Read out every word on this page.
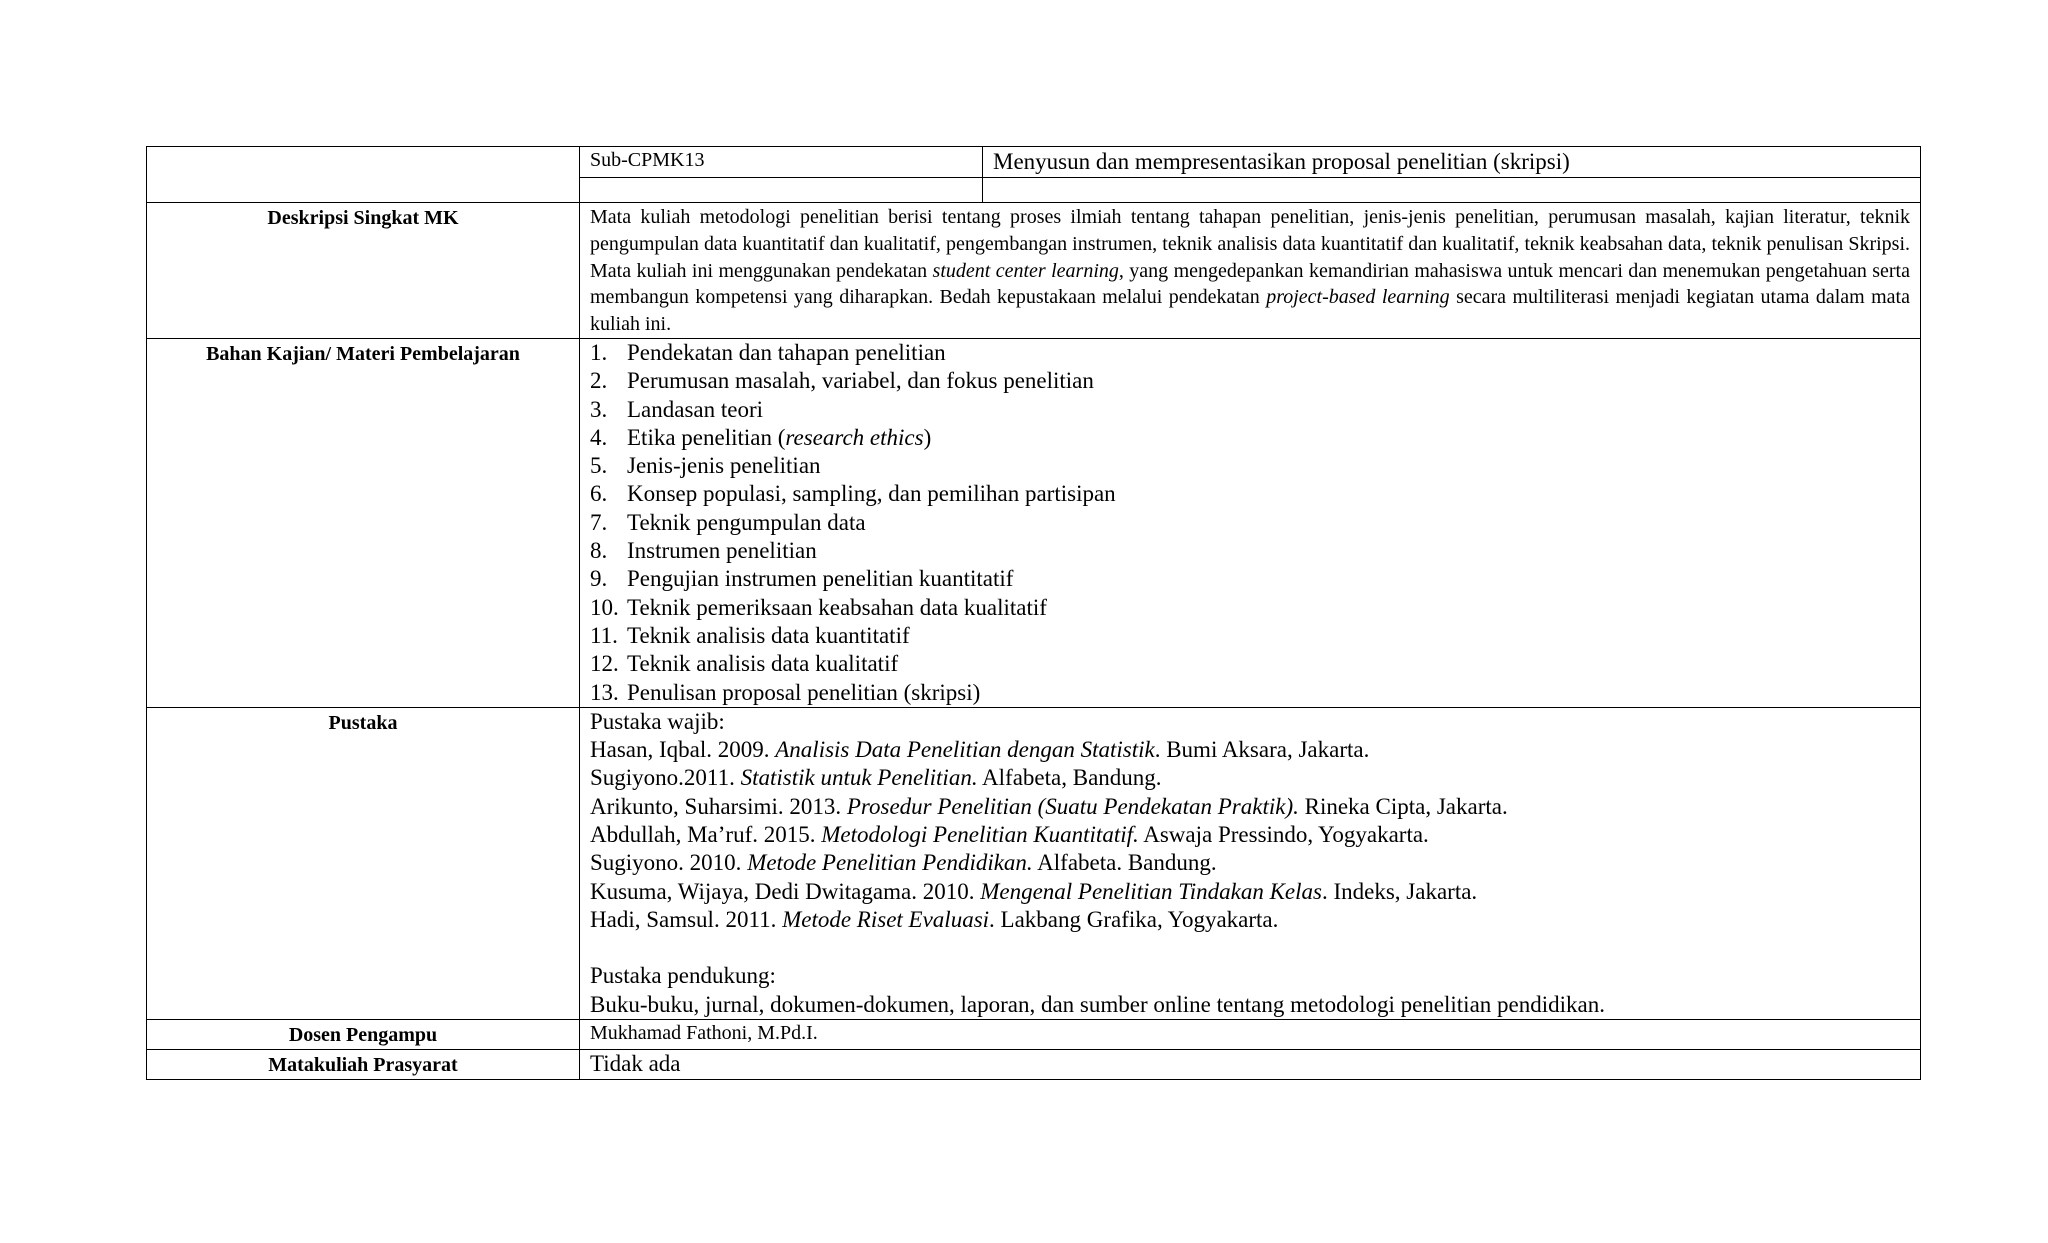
Sub-CPMK13	Menyusun dan mempresentasikan proposal penelitian (skripsi)

Deskripsi Singkat MK	Mata kuliah metodologi penelitian berisi tentang proses ilmiah tentang tahapan penelitian, jenis-jenis penelitian, perumusan masalah, kajian literatur, teknik pengumpulan data kuantitatif dan kualitatif, pengembangan instrumen, teknik analisis data kuantitatif dan kualitatif, teknik keabsahan data, teknik penulisan Skripsi. Mata kuliah ini menggunakan pendekatan student center learning, yang mengedepankan kemandirian mahasiswa untuk mencari dan menemukan pengetahuan serta membangun kompetensi yang diharapkan. Bedah kepustakaan melalui pendekatan project-based learning secara multiliterasi menjadi kegiatan utama dalam mata kuliah ini.

Bahan Kajian/ Materi Pembelajaran	1. Pendekatan dan tahapan penelitian
2. Perumusan masalah, variabel, dan fokus penelitian
3. Landasan teori
4. Etika penelitian (research ethics)
5. Jenis-jenis penelitian
6. Konsep populasi, sampling, dan pemilihan partisipan
7. Teknik pengumpulan data
8. Instrumen penelitian
9. Pengujian instrumen penelitian kuantitatif
10. Teknik pemeriksaan keabsahan data kualitatif
11. Teknik analisis data kuantitatif
12. Teknik analisis data kualitatif
13. Penulisan proposal penelitian (skripsi)

Pustaka	Pustaka wajib:
Hasan, Iqbal. 2009. Analisis Data Penelitian dengan Statistik. Bumi Aksara, Jakarta.
Sugiyono.2011. Statistik untuk Penelitian. Alfabeta, Bandung.
Arikunto, Suharsimi. 2013. Prosedur Penelitian (Suatu Pendekatan Praktik). Rineka Cipta, Jakarta.
Abdullah, Ma’ruf. 2015. Metodologi Penelitian Kuantitatif. Aswaja Pressindo, Yogyakarta.
Sugiyono. 2010. Metode Penelitian Pendidikan. Alfabeta. Bandung.
Kusuma, Wijaya, Dedi Dwitagama. 2010. Mengenal Penelitian Tindakan Kelas. Indeks, Jakarta.
Hadi, Samsul. 2011. Metode Riset Evaluasi. Lakbang Grafika, Yogyakarta.
Pustaka pendukung:
Buku-buku, jurnal, dokumen-dokumen, laporan, dan sumber online tentang metodologi penelitian pendidikan.

Dosen Pengampu	Mukhamad Fathoni, M.Pd.I.

Matakuliah Prasyarat	Tidak ada
